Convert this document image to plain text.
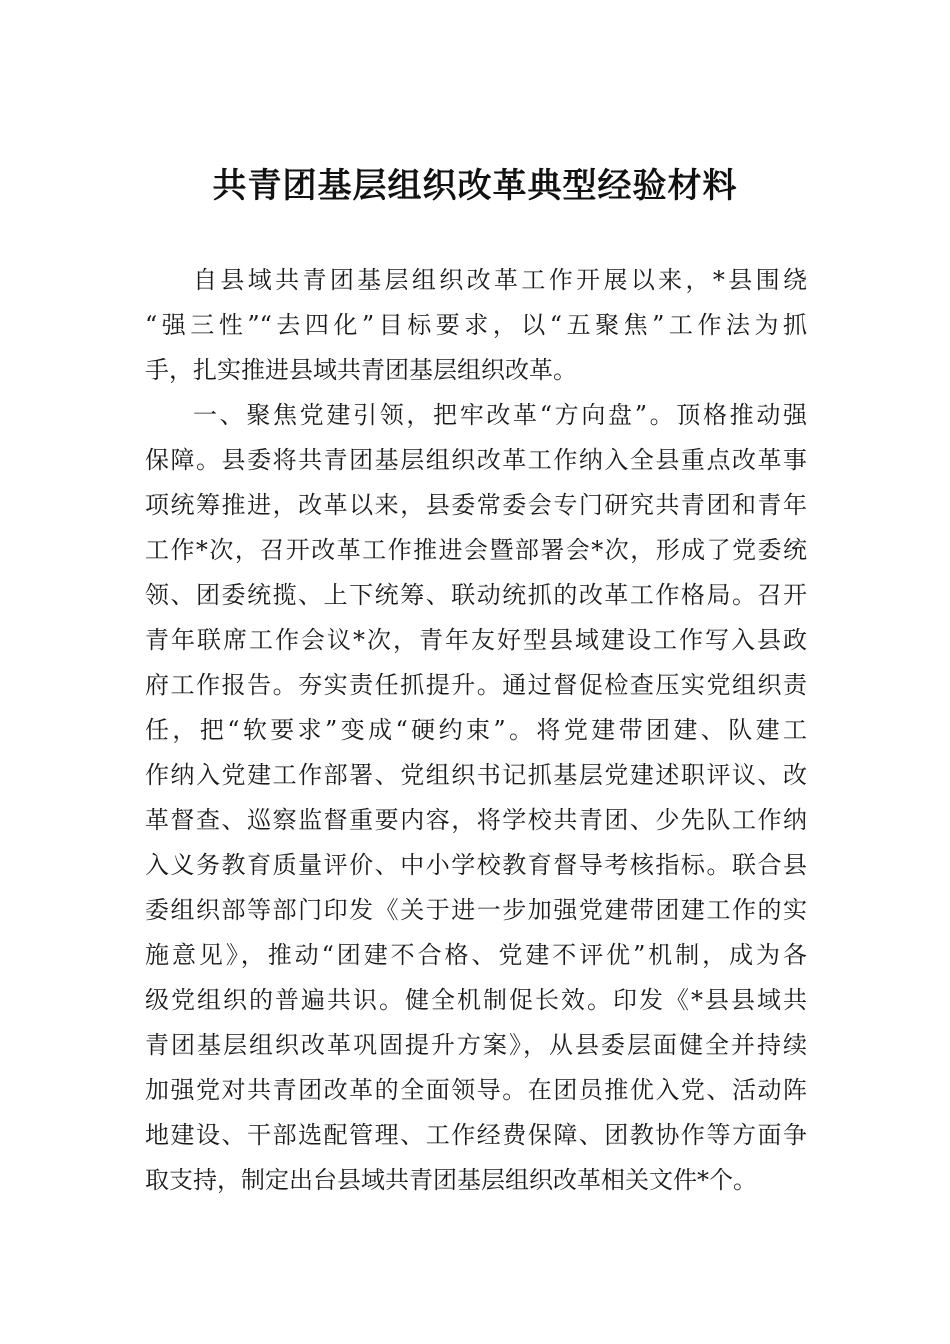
共青团基层组织改革典型经验材料
自县域共青团基层组织改革工作开展以来，*县围绕
“强三性”“去四化”目标要求，以“五聚焦”工作法为抓
手，扎实推进县域共青团基层组织改革。
一、聚焦党建引领，把牢改革“方向盘”。顶格推动强
保障。县委将共青团基层组织改革工作纳入全县重点改革事
项统筹推进，改革以来，县委常委会专门研究共青团和青年
工作*次，召开改革工作推进会暨部署会*次，形成了党委统
领、团委统揽、上下统筹、联动统抓的改革工作格局。召开
青年联席工作会议*次，青年友好型县域建设工作写入县政
府工作报告。夯实责任抓提升。通过督促检查压实党组织责
任，把“软要求”变成“硬约束”。将党建带团建、队建工
作纳入党建工作部署、党组织书记抓基层党建述职评议、改
革督查、巡察监督重要内容，将学校共青团、少先队工作纳
入义务教育质量评价、中小学校教育督导考核指标。联合县
委组织部等部门印发《关于进一步加强党建带团建工作的实
施意见》，推动“团建不合格、党建不评优”机制，成为各
级党组织的普遍共识。健全机制促长效。印发《*县县域共
青团基层组织改革巩固提升方案》，从县委层面健全并持续
加强党对共青团改革的全面领导。在团员推优入党、活动阵
地建设、干部选配管理、工作经费保障、团教协作等方面争
取支持，制定出台县域共青团基层组织改革相关文件*个。
